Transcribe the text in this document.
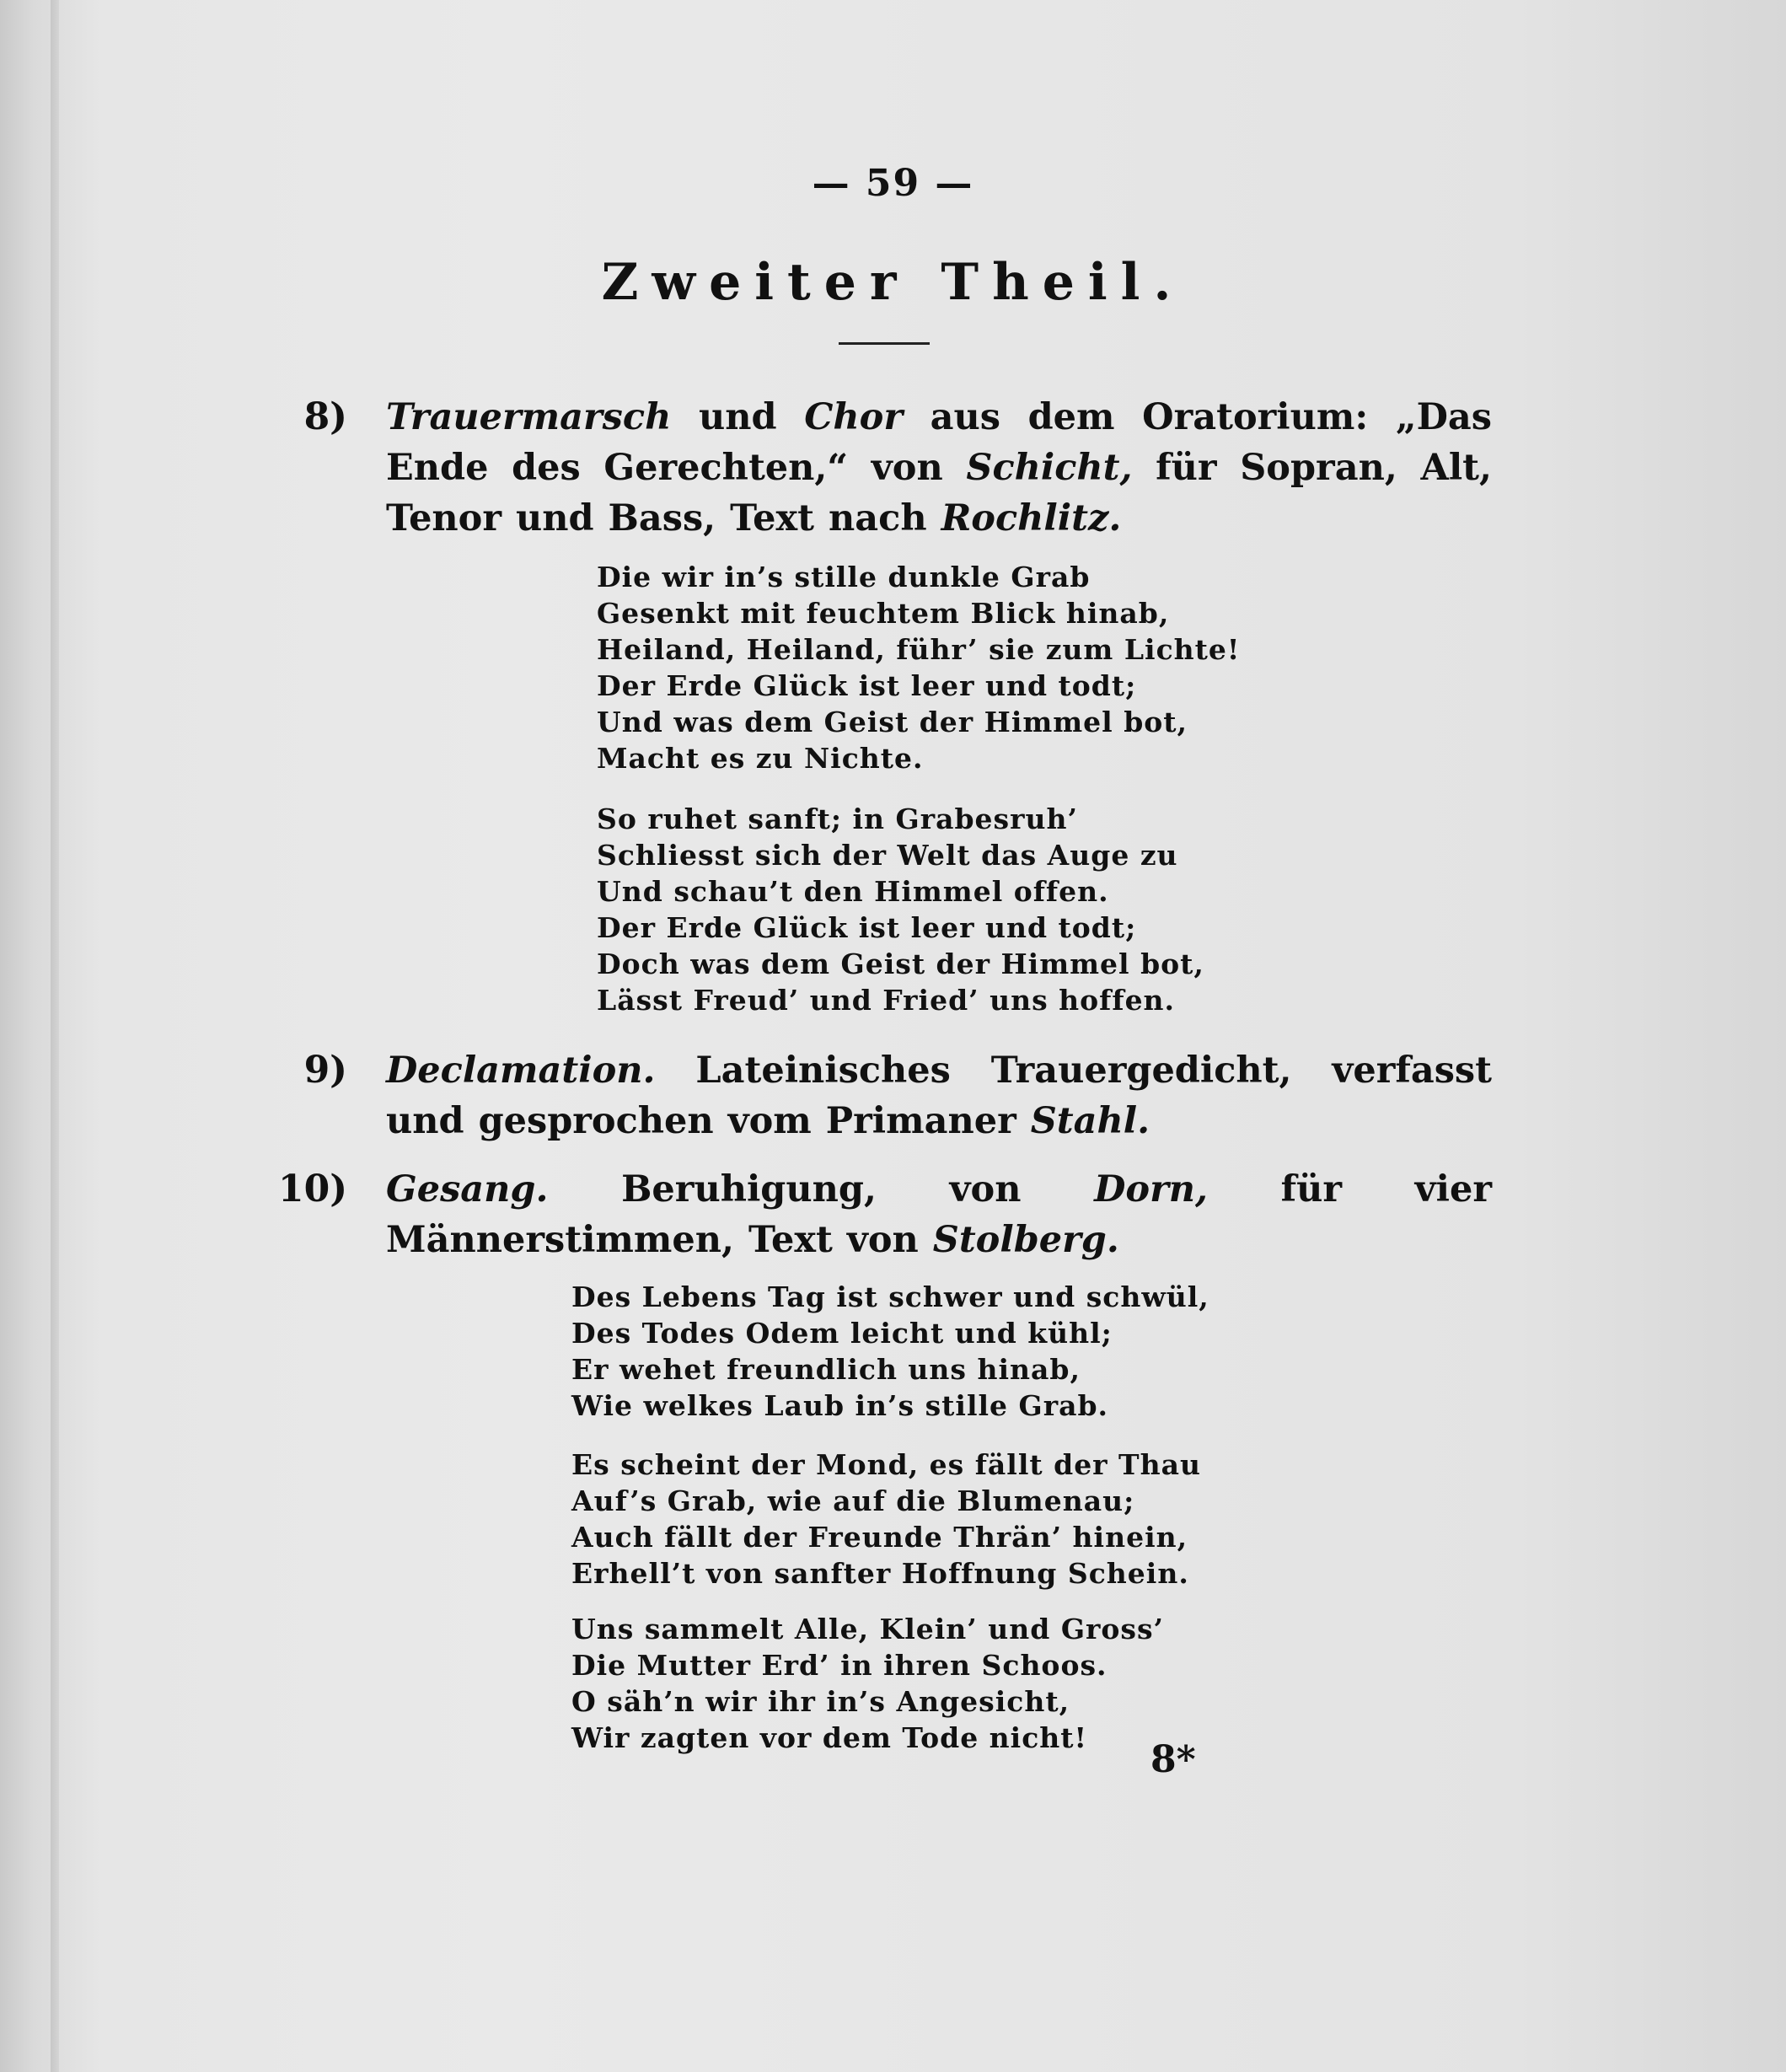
— 59 —
Zweiter Theil.
8) Trauermarsch und Chor aus dem Oratorium: „Das Ende des Gerechten,“ von Schicht, für Sopran, Alt, Tenor und Bass, Text nach Rochlitz.
Die wir in’s stille dunkle Grab
Gesenkt mit feuchtem Blick hinab,
Heiland, Heiland, führ’ sie zum Lichte!
Der Erde Glück ist leer und todt;
Und was dem Geist der Himmel bot,
Macht es zu Nichte.
So ruhet sanft; in Grabesruh’
Schliesst sich der Welt das Auge zu
Und schau’t den Himmel offen.
Der Erde Glück ist leer und todt;
Doch was dem Geist der Himmel bot,
Lässt Freud’ und Fried’ uns hoffen.
9) Declamation. Lateinisches Trauergedicht, verfasst und gesprochen vom Primaner Stahl.
10) Gesang. Beruhigung, von Dorn, für vier Männerstimmen, Text von Stolberg.
Des Lebens Tag ist schwer und schwül,
Des Todes Odem leicht und kühl;
Er wehet freundlich uns hinab,
Wie welkes Laub in’s stille Grab.
Es scheint der Mond, es fällt der Thau
Auf’s Grab, wie auf die Blumenau;
Auch fällt der Freunde Thrän’ hinein,
Erhell’t von sanfter Hoffnung Schein.
Uns sammelt Alle, Klein’ und Gross’
Die Mutter Erd’ in ihren Schoos.
O säh’n wir ihr in’s Angesicht,
Wir zagten vor dem Tode nicht!
8*
